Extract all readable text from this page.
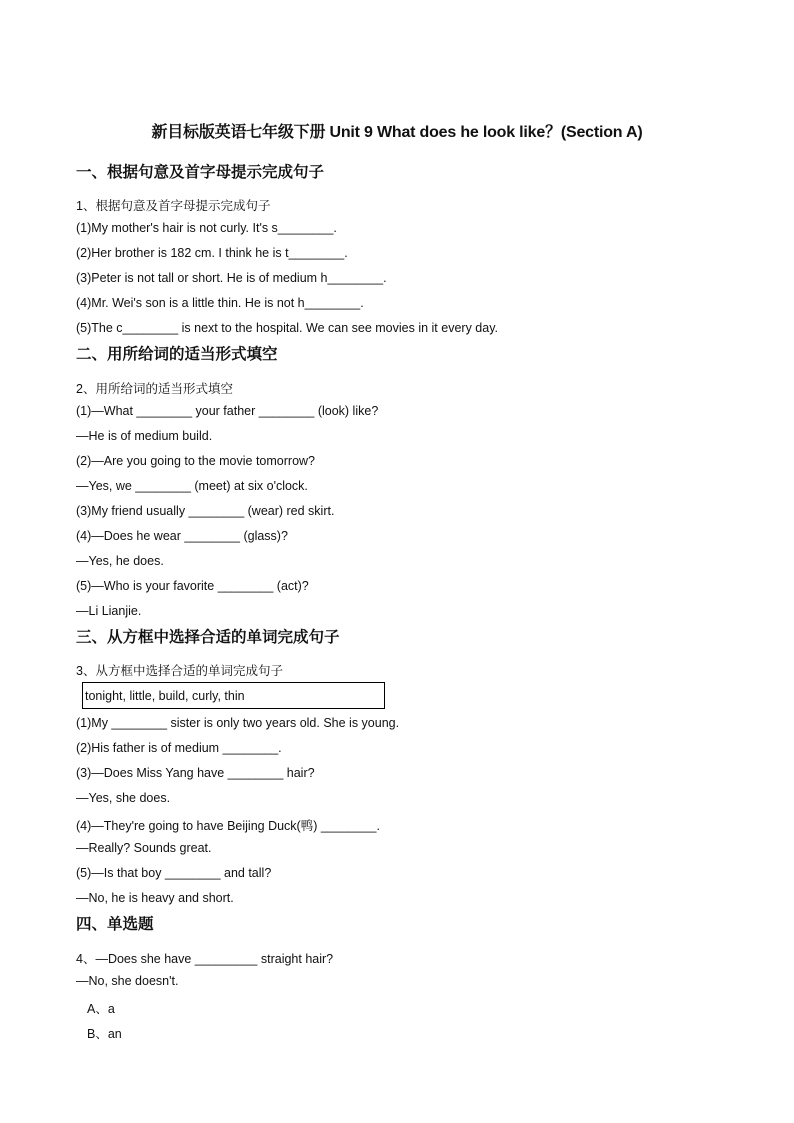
新目标版英语七年级下册 Unit 9 What does he look like？(Section A)
一、根据句意及首字母提示完成句子
1、根据句意及首字母提示完成句子
(1)My mother's hair is not curly. It's s________.
(2)Her brother is 182 cm. I think he is t________.
(3)Peter is not tall or short. He is of medium h________.
(4)Mr. Wei's son is a little thin. He is not h________.
(5)The c________ is next to the hospital. We can see movies in it every day.
二、用所给词的适当形式填空
2、用所给词的适当形式填空
(1)—What ________ your father ________ (look) like?
—He is of medium build.
(2)—Are you going to the movie tomorrow?
—Yes, we ________ (meet) at six o'clock.
(3)My friend usually ________ (wear) red skirt.
(4)—Does he wear ________ (glass)?
—Yes, he does.
(5)—Who is your favorite ________ (act)?
—Li Lianjie.
三、从方框中选择合适的单词完成句子
3、从方框中选择合适的单词完成句子
tonight, little, build, curly, thin
(1)My ________ sister is only two years old. She is young.
(2)His father is of medium ________.
(3)—Does Miss Yang have ________ hair?
—Yes, she does.
(4)—They're going to have Beijing Duck(鸭) ________.
—Really? Sounds great.
(5)—Is that boy ________ and tall?
—No, he is heavy and short.
四、单选题
4、—Does she have _________ straight hair?
—No, she doesn't.
A、a
B、an
